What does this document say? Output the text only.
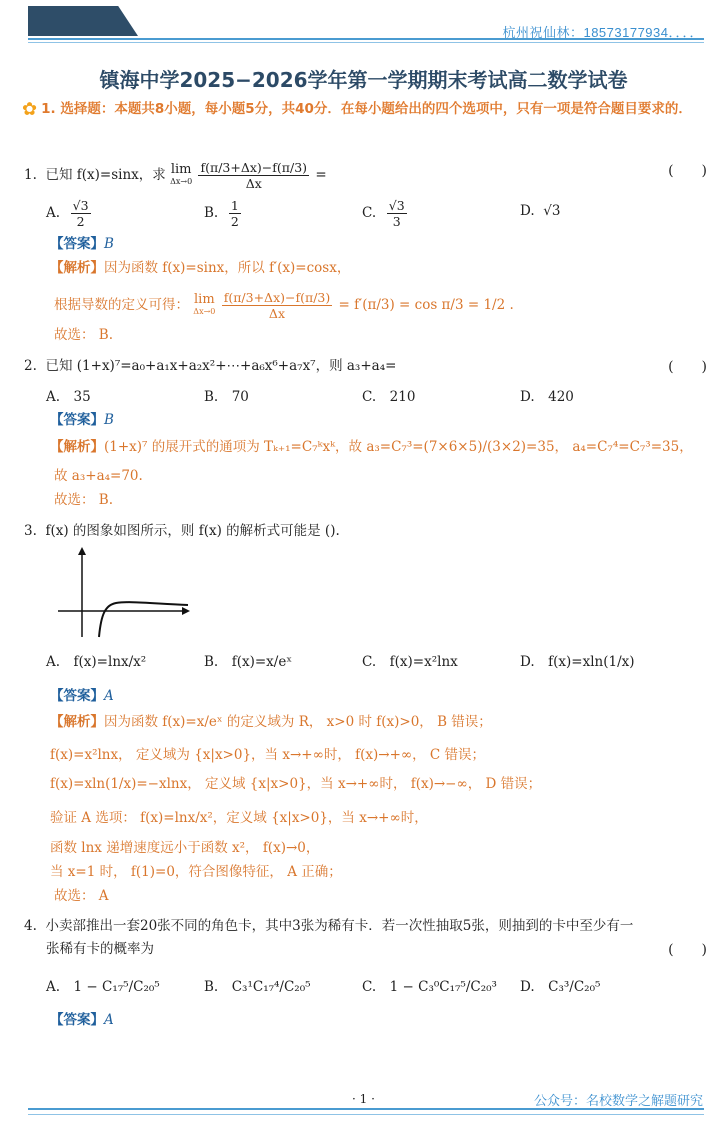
杭州祝仙林：18573177934．．．．
镇海中学2025−2026学年第一学期期末考试高二数学试卷
✿ 1. 选择题：本题共8小题，每小题5分，共40分．在每小题给出的四个选项中，只有一项是符合题目要求的．
1. 已知 f(x)=sinx，求 lim
Δx→0
$\frac{f(\pi/3+\Delta x)-f(\pi/3)}{\Delta x}$ =	(　　)
A. $\frac{√3}{2}$	B. $\frac{1}{2}$	C. $\frac{√3}{3}$	D. √3
【答案】B
【解析】因为函数 f(x)=sinx，所以 f′(x)=cosx，
根据导数的定义可得： lim
Δx→0
$\frac{f(\pi/3+\Delta x)-f(\pi/3)}{\Delta x} = f'(\pi/3) = \cos \pi/3 = 1/2$ .
故选： B.
2. 已知 (1+x)⁷=a₀+a₁x+a₂x²+⋯+a₆x⁶+a₇x⁷，则 a₃+a₄=	(　　)
A.　35	B.　70	C.　210	D.　420
【答案】B
【解析】(1+x)⁷ 的展开式的通项为 Tₖ₊₁=C₇ᵏxᵏ，故 a₃=C₇³=(7×6×5)/(3×2)=35， a₄=C₇⁴=C₇³=35，
故 a₃+a₄=70.
故选： B.
3. f(x) 的图象如图所示，则 f(x) 的解析式可能是 ().
A.　f(x)=lnx/x²	B.　f(x)=x/eˣ	C.　f(x)=x²lnx	D.　f(x)=xln(1/x)
【答案】A
【解析】因为函数 f(x)=x/eˣ 的定义域为 R， x>0 时 f(x)>0， B 错误；
f(x)=x²lnx， 定义域为 {x|x>0}，当 x→+∞时， f(x)→+∞， C 错误；
f(x)=xln(1/x)=−xlnx， 定义域 {x|x>0}，当 x→+∞时， f(x)→−∞， D 错误；
验证 A 选项： f(x)=lnx/x²，定义域 {x|x>0}，当 x→+∞时，
函数 lnx 递增速度远小于函数 x²， f(x)→0，
当 x=1 时， f(1)=0，符合图像特征， A 正确；
故选： A
4. 小卖部推出一套20张不同的角色卡，其中3张为稀有卡．若一次性抽取5张，则抽到的卡中至少有一
张稀有卡的概率为	(　　)
A.　1 − C₁₇⁵/C₂₀⁵	B.　C₃¹C₁₇⁴/C₂₀⁵	C.　1 − C₃⁰C₁₇⁵/C₂₀³ D.　C₃³/C₂₀⁵
【答案】A
· 1 ·	公众号：名校数学之解题研究
